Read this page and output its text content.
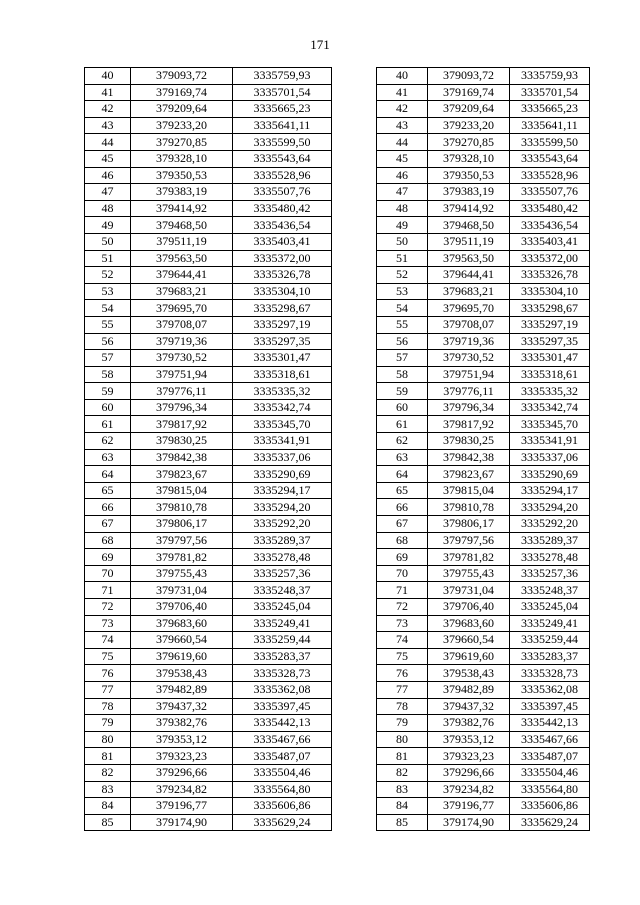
171
40	379093,72	3335759,93
41	379169,74	3335701,54
42	379209,64	3335665,23
43	379233,20	3335641,11
44	379270,85	3335599,50
45	379328,10	3335543,64
46	379350,53	3335528,96
47	379383,19	3335507,76
48	379414,92	3335480,42
49	379468,50	3335436,54
50	379511,19	3335403,41
51	379563,50	3335372,00
52	379644,41	3335326,78
53	379683,21	3335304,10
54	379695,70	3335298,67
55	379708,07	3335297,19
56	379719,36	3335297,35
57	379730,52	3335301,47
58	379751,94	3335318,61
59	379776,11	3335335,32
60	379796,34	3335342,74
61	379817,92	3335345,70
62	379830,25	3335341,91
63	379842,38	3335337,06
64	379823,67	3335290,69
65	379815,04	3335294,17
66	379810,78	3335294,20
67	379806,17	3335292,20
68	379797,56	3335289,37
69	379781,82	3335278,48
70	379755,43	3335257,36
71	379731,04	3335248,37
72	379706,40	3335245,04
73	379683,60	3335249,41
74	379660,54	3335259,44
75	379619,60	3335283,37
76	379538,43	3335328,73
77	379482,89	3335362,08
78	379437,32	3335397,45
79	379382,76	3335442,13
80	379353,12	3335467,66
81	379323,23	3335487,07
82	379296,66	3335504,46
83	379234,82	3335564,80
84	379196,77	3335606,86
85	379174,90	3335629,24
40	379093,72	3335759,93
41	379169,74	3335701,54
42	379209,64	3335665,23
43	379233,20	3335641,11
44	379270,85	3335599,50
45	379328,10	3335543,64
46	379350,53	3335528,96
47	379383,19	3335507,76
48	379414,92	3335480,42
49	379468,50	3335436,54
50	379511,19	3335403,41
51	379563,50	3335372,00
52	379644,41	3335326,78
53	379683,21	3335304,10
54	379695,70	3335298,67
55	379708,07	3335297,19
56	379719,36	3335297,35
57	379730,52	3335301,47
58	379751,94	3335318,61
59	379776,11	3335335,32
60	379796,34	3335342,74
61	379817,92	3335345,70
62	379830,25	3335341,91
63	379842,38	3335337,06
64	379823,67	3335290,69
65	379815,04	3335294,17
66	379810,78	3335294,20
67	379806,17	3335292,20
68	379797,56	3335289,37
69	379781,82	3335278,48
70	379755,43	3335257,36
71	379731,04	3335248,37
72	379706,40	3335245,04
73	379683,60	3335249,41
74	379660,54	3335259,44
75	379619,60	3335283,37
76	379538,43	3335328,73
77	379482,89	3335362,08
78	379437,32	3335397,45
79	379382,76	3335442,13
80	379353,12	3335467,66
81	379323,23	3335487,07
82	379296,66	3335504,46
83	379234,82	3335564,80
84	379196,77	3335606,86
85	379174,90	3335629,24
